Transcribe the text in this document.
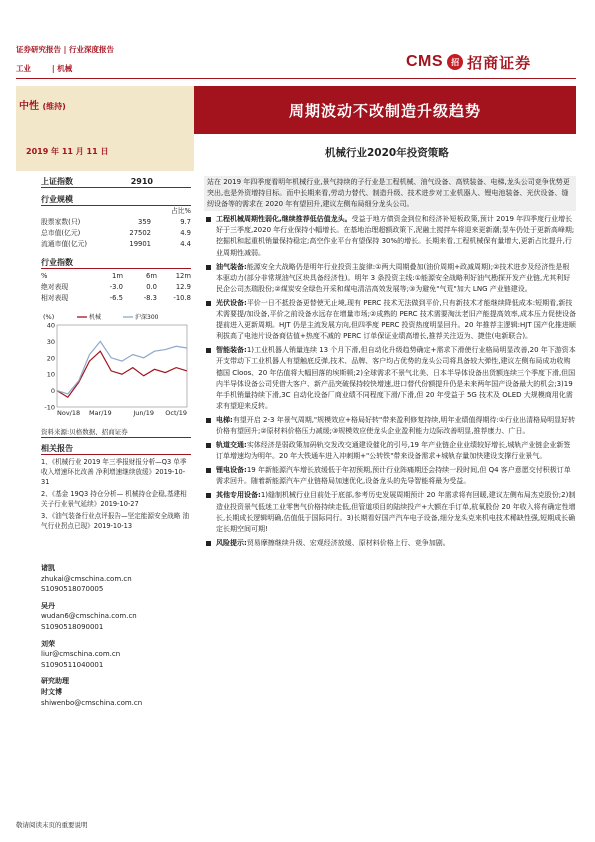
证券研究报告 | 行业深度报告
工业	| 机械	CMS	招 招商证券
中性 (维持)	周期波动不改制造升级趋势
2019 年 11 月 11 日	机械行业2020年投资策略
上证指数	2910
行业规模
占比%
股票家数(只)	359	9.7
总市值(亿元)	27502	4.9
流通市值(亿元)	19901	4.4
行业指数
%	1m	6m	12m
绝对表现	-3.0	0.0	12.9
相对表现	-6.5	-8.3	-10.8
40
30
20
10
0
-10
Nov/18 Mar/19	Jun/19 Oct/19
机械	沪深300
(%)
资料来源:贝格数据、招商证券
相关报告
1、《机械行业 2019 年三季报财报分析—Q3 单季收入增速环比改善 净利增速继续放缓》2019-10-31
2、《基金 19Q3 持仓分析— 机械持仓企稳,基建相关子行业景气延续》2019-10-27
3、《油气装备行业点评报告—坚定能源安全战略 油气行业拐点已现》2019-10-13
诸凯
zhukai@cmschina.com.cn
S1090518070005
吴丹
wudan6@cmschina.com.cn
S1090518090001
刘荣
liur@cmschina.com.cn
S1090511040001
研究助理
时文博
shiwenbo@cmschina.com.cn
站在 2019 年四季度看明年机械行业,景气持续的子行业是工程机械、油气设备、高铁装备、电梯,龙头公司竞争优势更突出,也是外资增持目标。而中长期来看,劳动力替代、制造升级、技术进步对工业机器人、锂电池装备、光伏设备、缝纫设备等的需求在 2020 年有望回升,建议左侧布局细分龙头公司。
工程机械周期性弱化,继续推荐低估值龙头。受益于地方债资金到位和经济补短板政策,预计 2019 年四季度行业增长好于三季度,2020 年行业保持小幅增长。在基地治理超额政策下,泥融土搅拌车将迎来更新潮;泵车仍处于更新高峰期;挖掘机和起重机销量保持稳定;高空作业平台有望保持 30%的增长。长期来看,工程机械保有量增大,更新占比提升,行业周期性减弱。
油气装备:能源安全大战略仍是明年行业投资主旋律:①两大周期叠加(油价周期+政减周期);②技术进步及经济性是根本驱动力(部分非常规油气区块具备经济性)。明年 3 条投资主线:①能源安全战略利好油气勘探开发产业链,尤其利好民企公司杰瑞股份;②煤炭安全绿色开采和煤电清洁高效发展等;③为避免"气荒"加大 LNG 产业链建设。
光伏设备:平价一日不抵投备更替使无止境,现有 PERC 技术无法做到平价,只有新技术才能继续降低成本:短期看,新技术需要提/加设备,平价之前设备水远存在增量市场;②成熟的 PERC 技术需要淘汰老旧产能提高效率,成本压力促使设备提前进入更新周期。HJT 仍是主流发展方向,但四季度 PERC 投资热度明显回升。20 年推荐主逻辑:HJT 国产化推进顺利拔高了电池片设备商估值+热度不减的 PERC 订单保证业绩高增长,推荐关注迈为、捷佳(电新联合)。
智能装备:1)工业机器人销量连续 13 个月下滑,但自动化升级趋势确定+需求下滑使行业格局明显改善,20 年下游资本开支带动下工业机器人有望触底反弹,技术、品牌、客户均占优势的龙头公司将具备较大弹性,建议左侧布局成功收购德国 Cloos、20 年估值将大幅回落的埃斯顿;2)全球需求不景气北美、日本半导体设备出货额连续三个季度下滑,但国内半导体设备公司凭借大客户、新产品突破保持较快增速,进口替代份额提升仍是未来两年国产设备最大的机会;3)19 年手机销量持续下滑,3C 自动化设备厂商业绩不同程度下滑/下滑,但 20 年受益于 5G 技术及 OLED 大规模商用化需求有望迎来反转。
电梯:有望开启 2-3 年景气周期,"规模效应+格局好转"带来盈利修复持续,明年业绩值得期待:①行业出清格局明显好转价格有望回升;②原材料价格压力减缓;③规模效应使龙头企业盈利能力边际改善明显,推荐康力、广日。
轨道交通:实体经济是弱政策加码轨交发改交通建设催化的引号,19 年产业链企业业绩较好增长,城轨产业链企业新签订单增速均为明年。20 年大铁通车进入冲刺期+"公转铁"带来设备需求+城轨存量加快建设支撑行业景气。
锂电设备:19 年新能源汽车增长放缓低于年初预期,预计行业阵痛期还会持续一段时间,但 Q4 客户意愿交付积极订单需求回升。随着新能源汽车产业链格局加速优化,设备龙头的先导智能将最为受益。
其他专用设备:1)缝制机械行业目前处于底部,参考历史发展周期预计 20 年需求将有回暖,建议左侧布局杰克股份;2)制造业投资景气低迷工业零售气价格持续走低,但管道项目的陆续投产+大额在手订单,杭氧股份 20 年收入将有确定性增长,长期成长逻辑明确,估值低于国际同行。3)长期看好国产汽车电子设备,细分龙头克来机电技术稀缺性强,短期成长确定长期空间可期!
风险提示:贸易摩擦继续升级、宏观经济放缓、原材料价格上行、竞争加剧。
敬请阅读末页的重要说明
